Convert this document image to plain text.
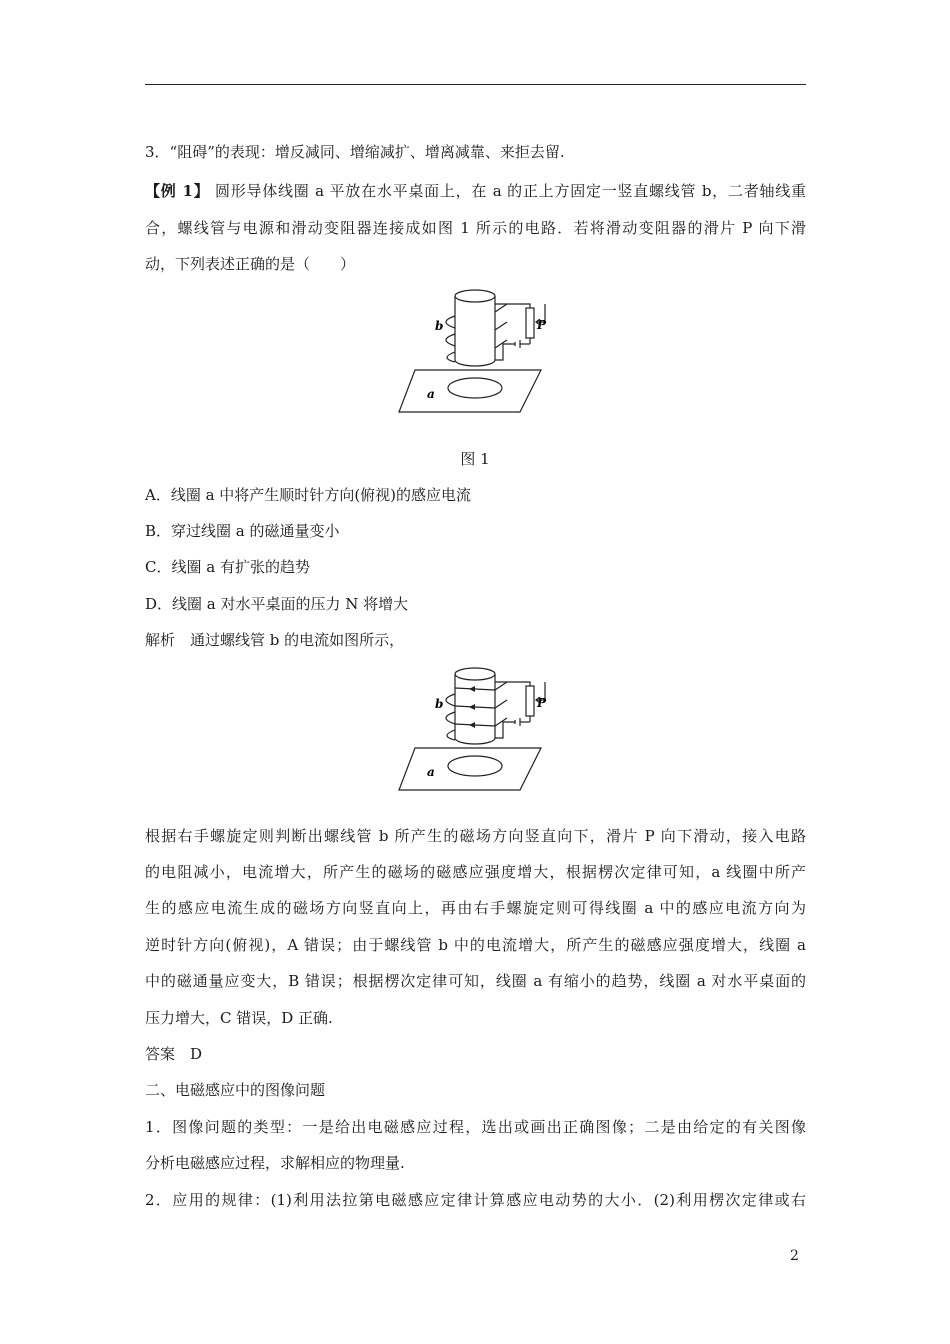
3．“阻碍”的表现：增反减同、增缩减扩、增离减靠、来拒去留.
【例 1】 圆形导体线圈 a 平放在水平桌面上，在 a 的正上方固定一竖直螺线管 b，二者轴线重
合，螺线管与电源和滑动变阻器连接成如图 1 所示的电路．若将滑动变阻器的滑片 P 向下滑
动，下列表述正确的是（　　）
b	P
a
图 1
A．线圈 a 中将产生顺时针方向(俯视)的感应电流
B．穿过线圈 a 的磁通量变小
C．线圈 a 有扩张的趋势
D．线圈 a 对水平桌面的压力 N 将增大
解析　通过螺线管 b 的电流如图所示，
b	P
a
根据右手螺旋定则判断出螺线管 b 所产生的磁场方向竖直向下，滑片 P 向下滑动，接入电路
的电阻减小，电流增大，所产生的磁场的磁感应强度增大，根据楞次定律可知，a 线圈中所产
生的感应电流生成的磁场方向竖直向上，再由右手螺旋定则可得线圈 a 中的感应电流方向为
逆时针方向(俯视)，A 错误；由于螺线管 b 中的电流增大，所产生的磁感应强度增大，线圈 a
中的磁通量应变大，B 错误；根据楞次定律可知，线圈 a 有缩小的趋势，线圈 a 对水平桌面的
压力增大，C 错误，D 正确.
答案　D
二、电磁感应中的图像问题
1．图像问题的类型：一是给出电磁感应过程，选出或画出正确图像；二是由给定的有关图像
分析电磁感应过程，求解相应的物理量.
2．应用的规律：(1)利用法拉第电磁感应定律计算感应电动势的大小．(2)利用楞次定律或右
2
